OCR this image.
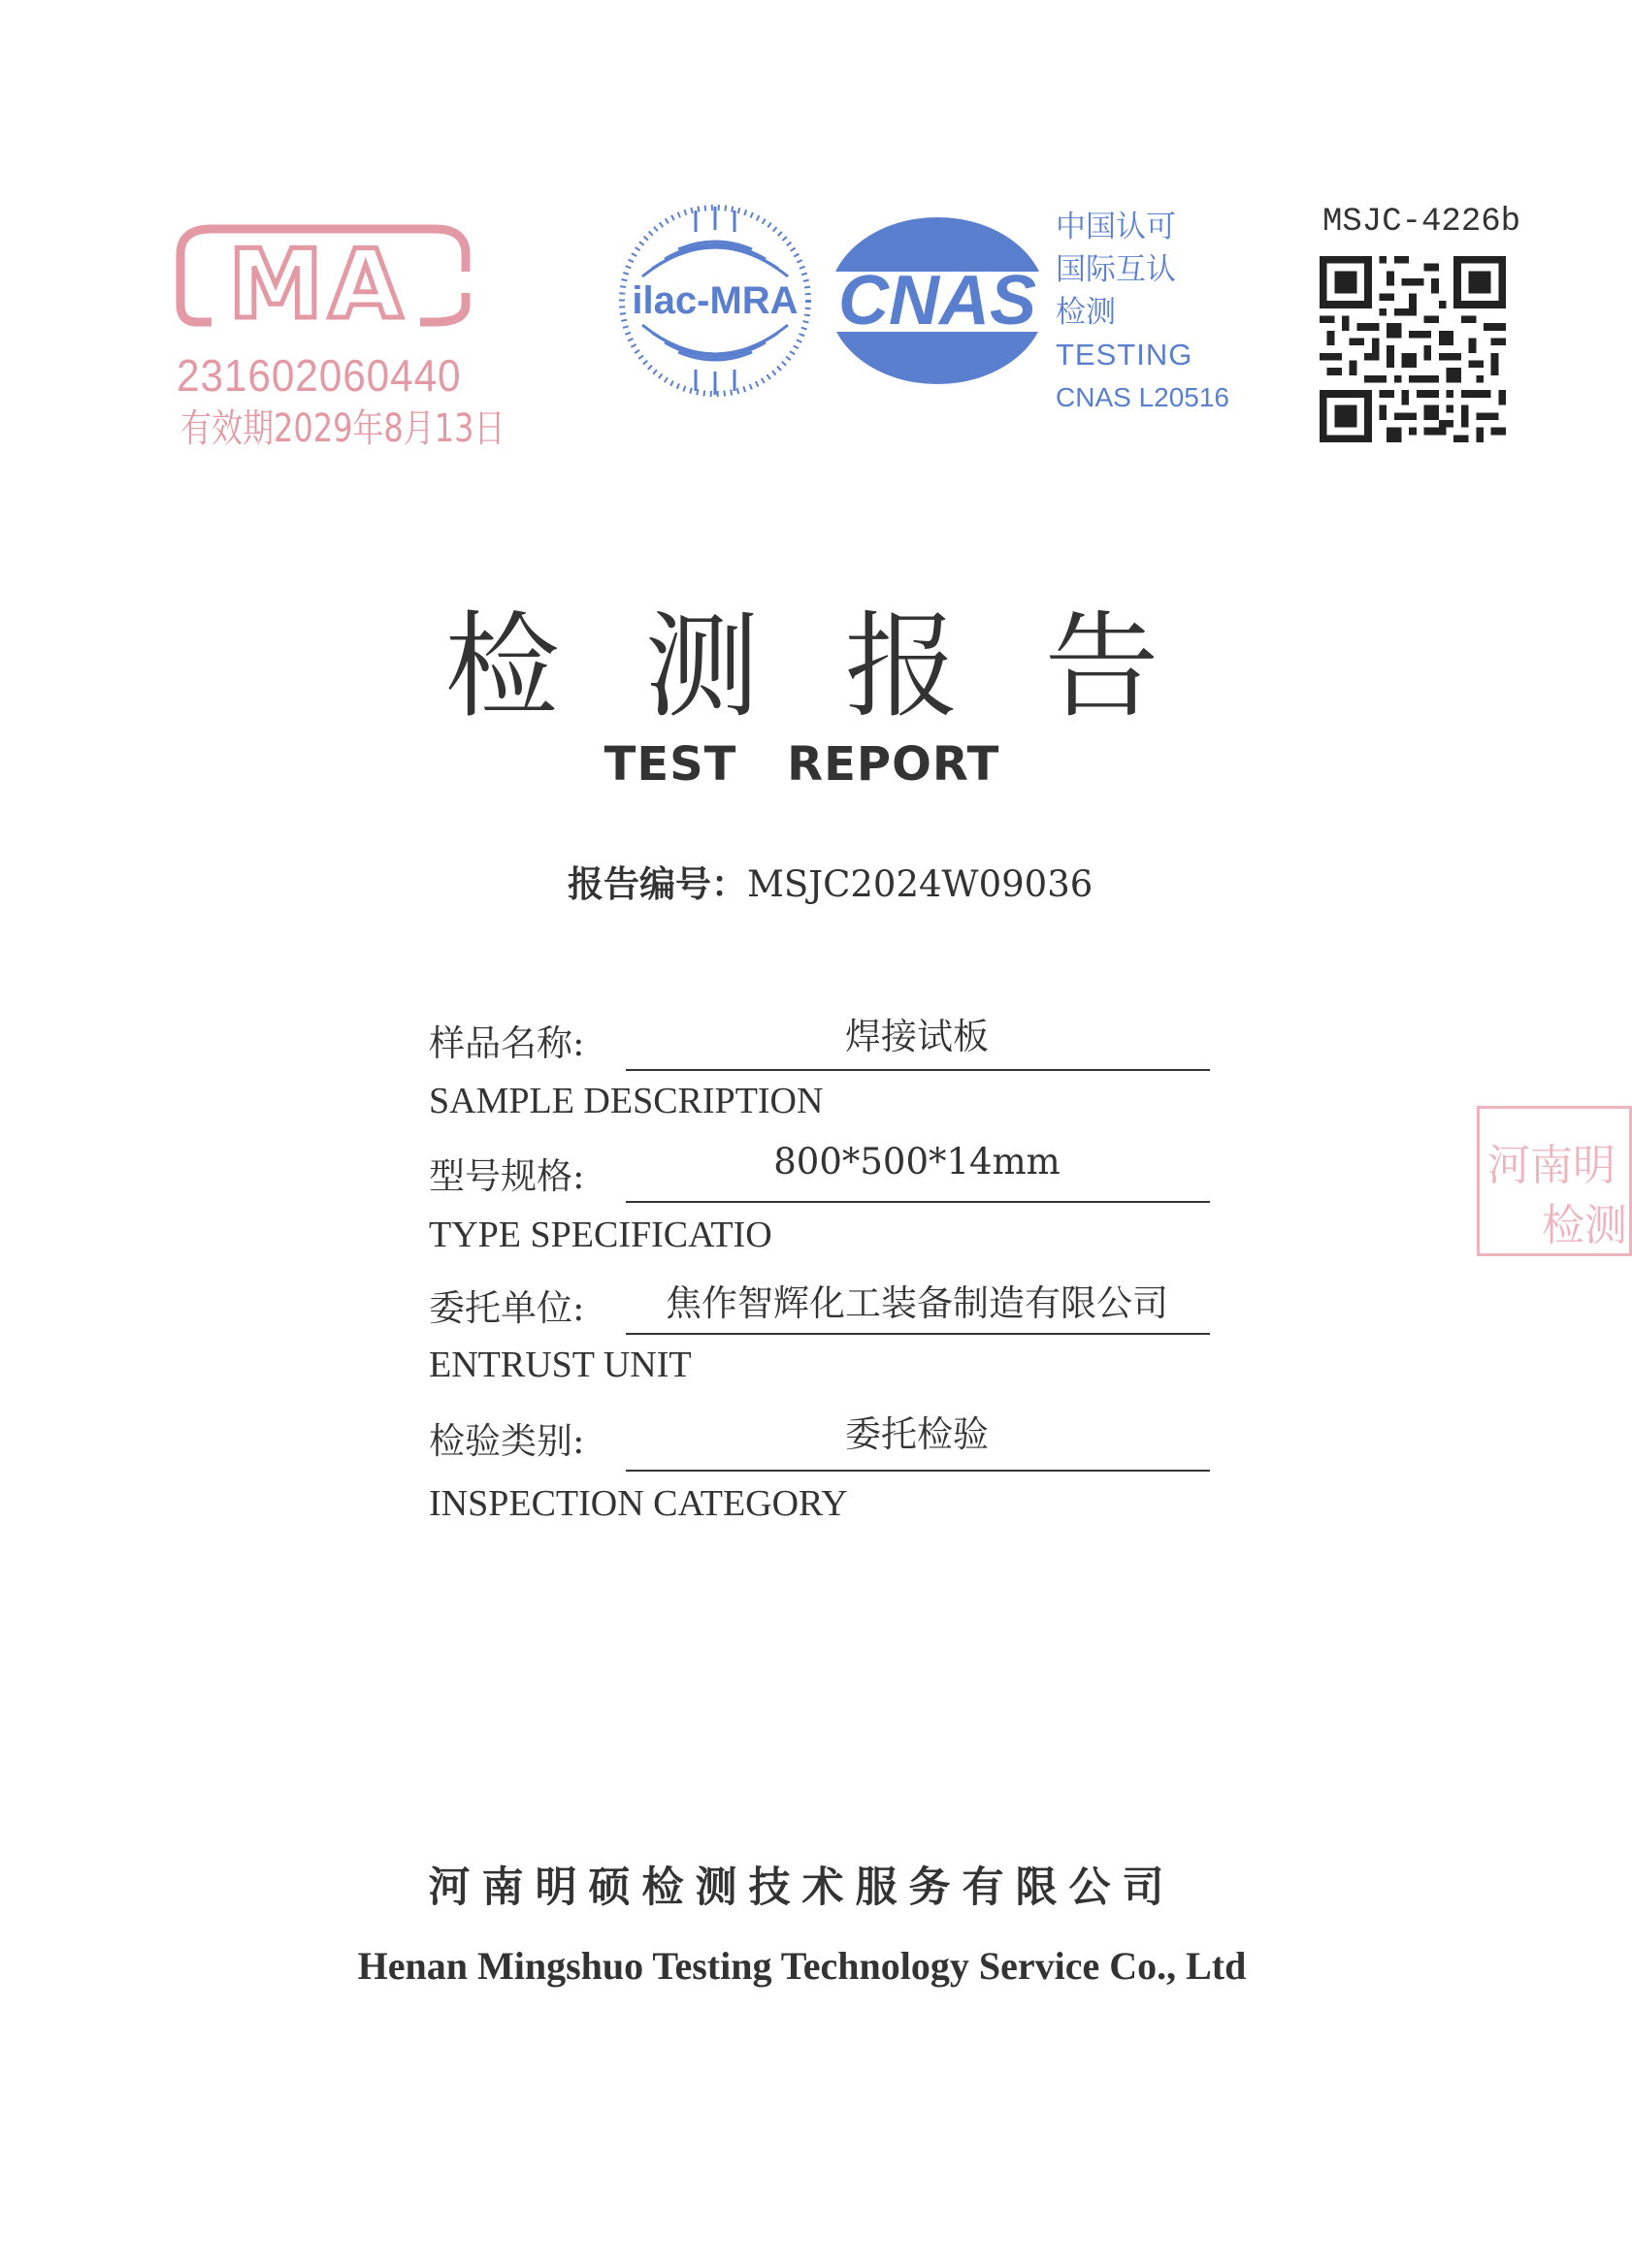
MA
231602060440
有效期2029年8月13日
ilac-MRA CNAS
中国认可
国际互认
检测
TESTING
CNAS L20516
MSJC-4226b
河南明
检测
检测报告
TEST REPORT
报告编号：MSJC2024W09036
样品名称:	焊接试板
SAMPLE DESCRIPTION
型号规格:	800*500*14mm
TYPE SPECIFICATIO
委托单位:	焦作智辉化工装备制造有限公司
ENTRUST UNIT
检验类别:	委托检验
INSPECTION CATEGORY
河南明硕检测技术服务有限公司
Henan Mingshuo Testing Technology Service Co., Ltd
